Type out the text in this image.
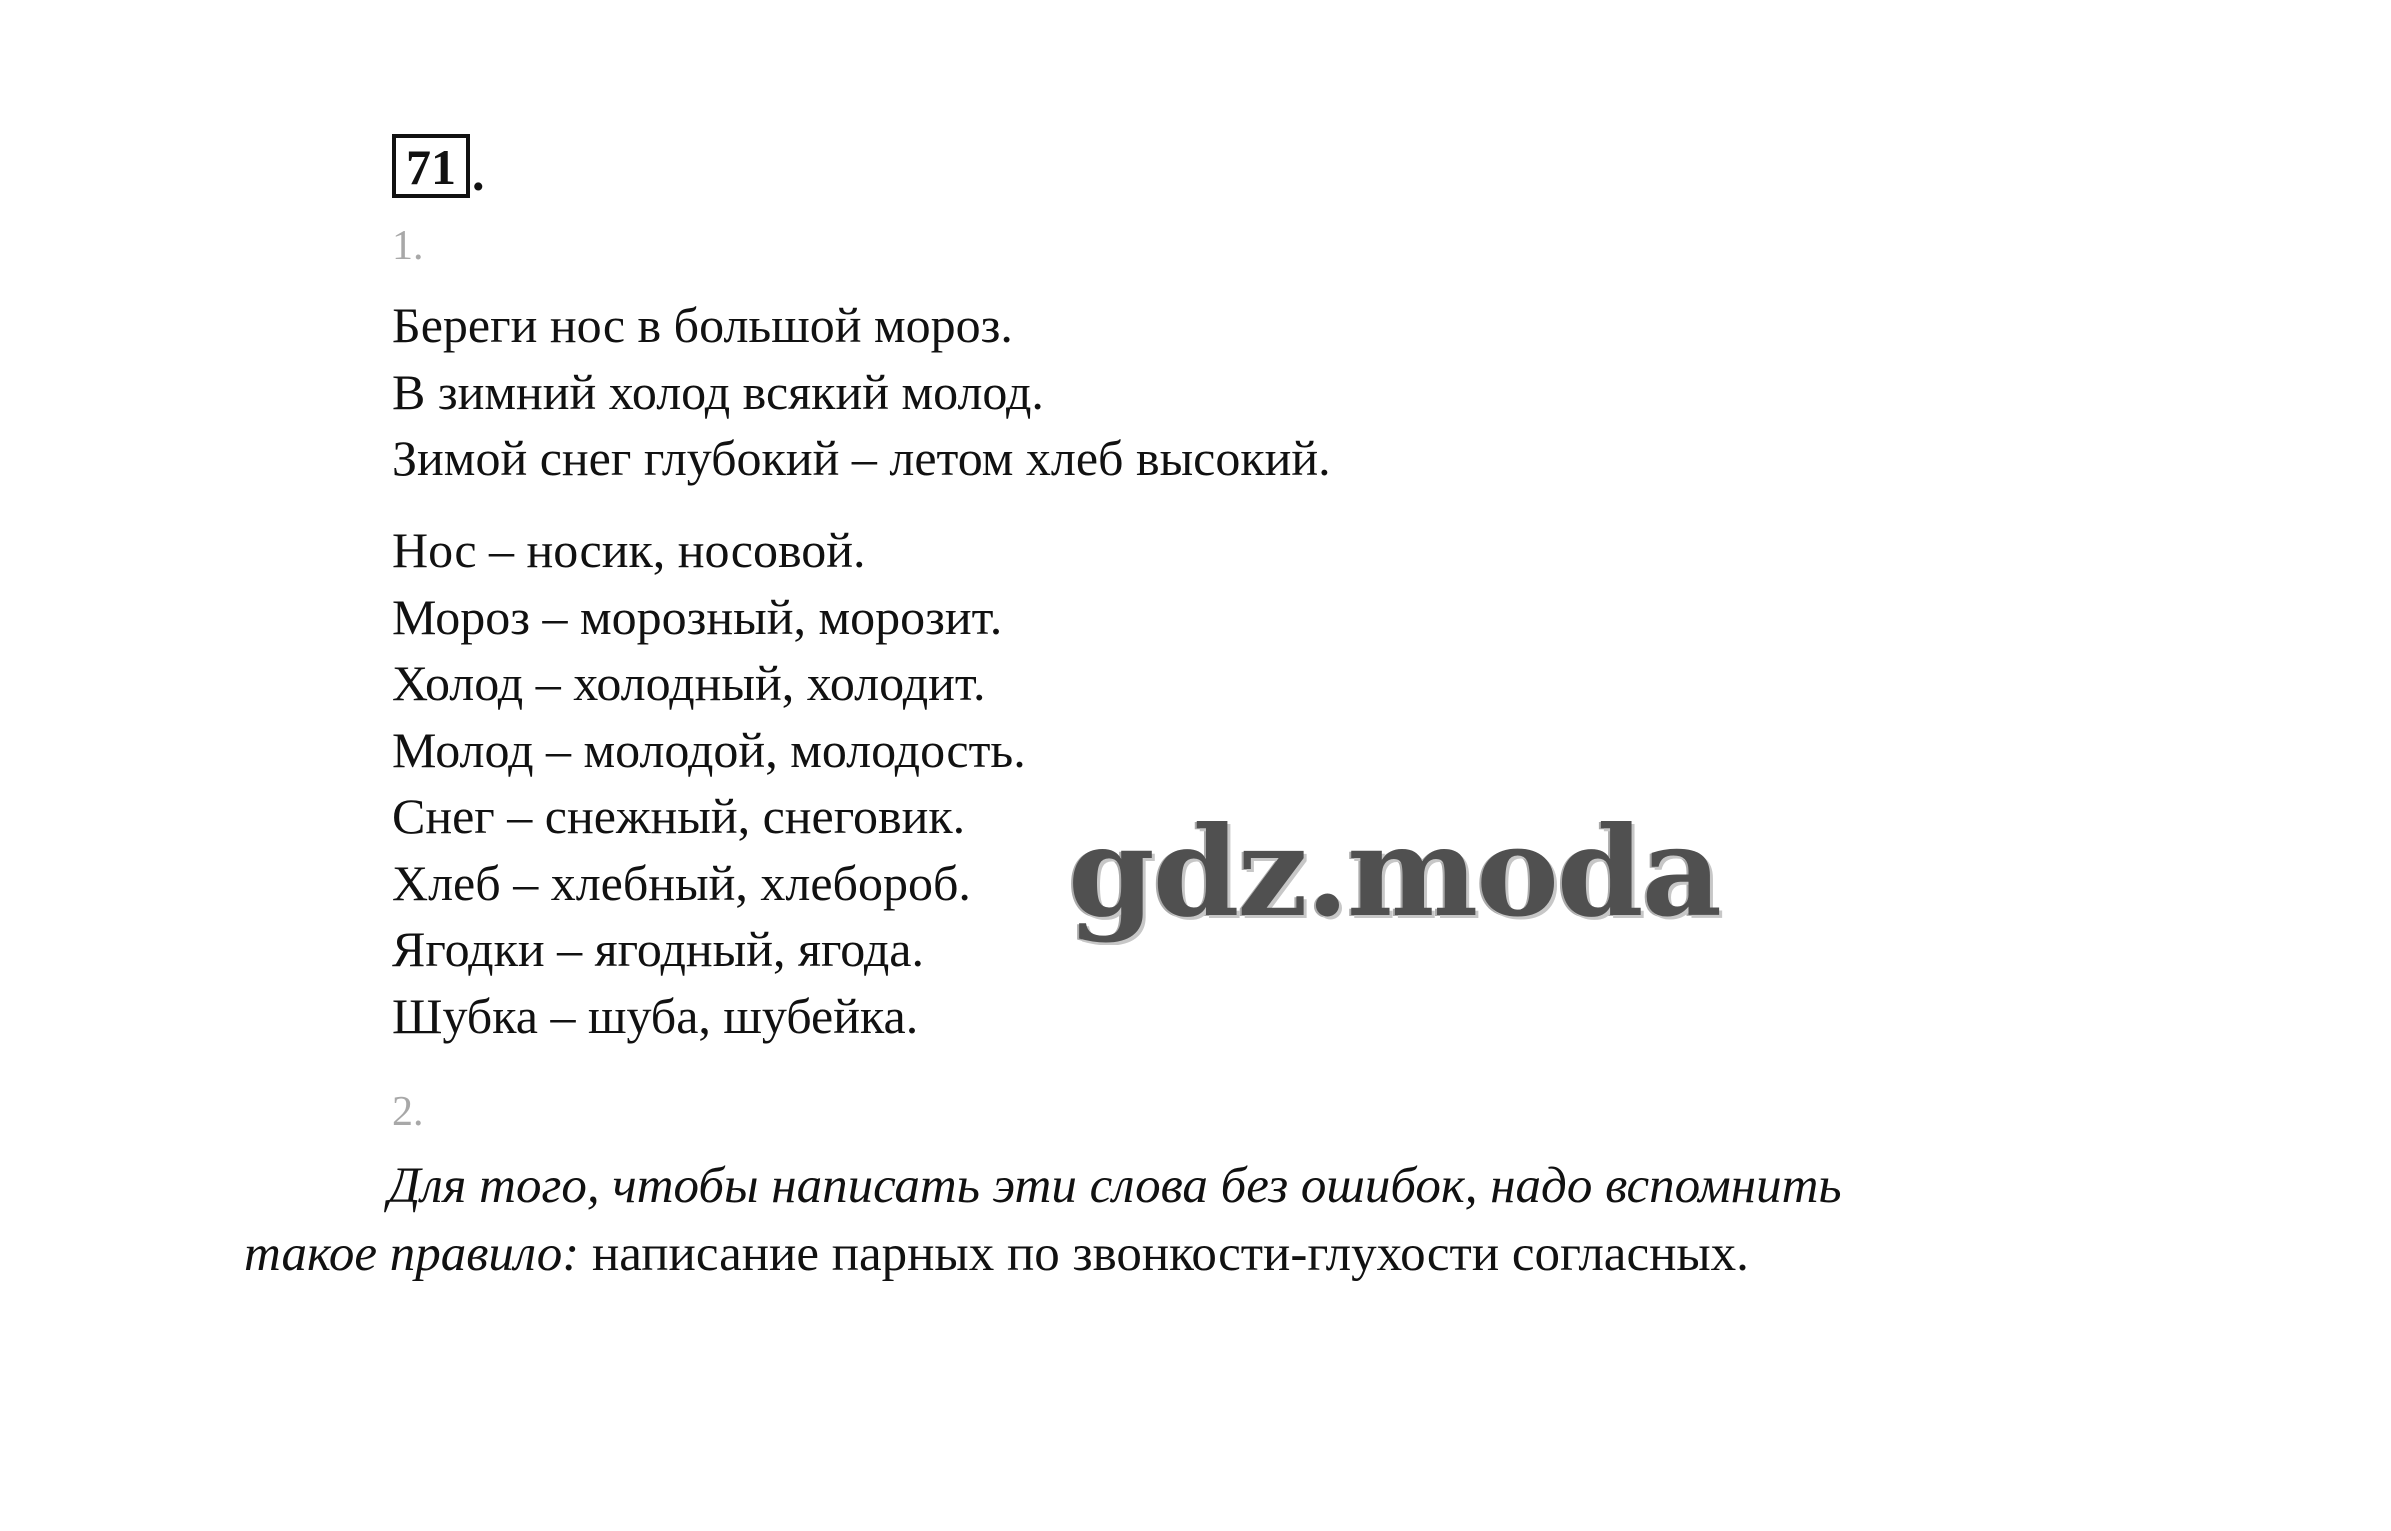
71 .
1.
Береги нос в большой мороз.
В зимний холод всякий молод.
Зимой снег глубокий – летом хлеб высокий.
Нос – носик, носовой.
Мороз – морозный, морозит.
Холод – холодный, холодит.
Молод – молодой, молодость.
Снег – снежный, снеговик.
Хлеб – хлебный, хлебороб.
Ягодки – ягодный, ягода.
Шубка – шуба, шубейка.
2.
Для того, чтобы написать эти слова без ошибок, надо вспомнить
такое правило: написание парных по звонкости-глухости согласных.
gdz.moda
